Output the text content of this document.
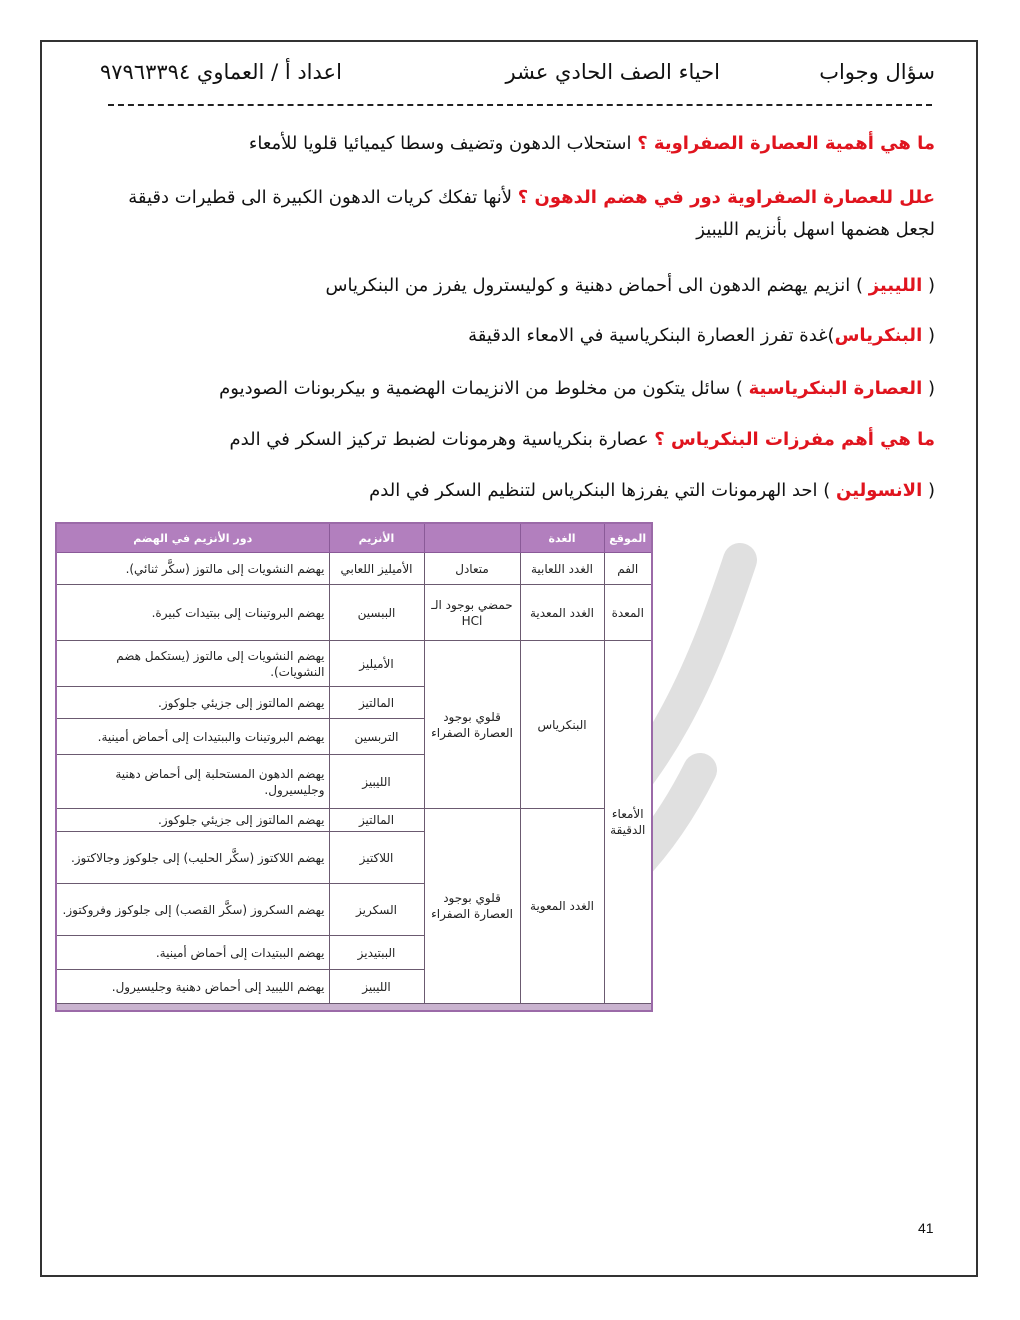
سؤال وجواب
احياء الصف الحادي عشر
اعداد أ / العماوي ٩٧٩٦٣٣٩٤
ما هي أهمية العصارة الصفراوية ؟ استحلاب الدهون وتضيف وسطا كيميائيا قلويا للأمعاء
علل للعصارة الصفراوية دور في هضم الدهون ؟ لأنها تفكك كريات الدهون الكبيرة الى قطيرات دقيقة لجعل هضمها اسهل بأنزيم الليبيز
( الليبيز ) انزيم يهضم الدهون الى أحماض دهنية و كوليسترول يفرز من البنكرياس
( البنكرياس)غدة تفرز العصارة البنكرياسية في الامعاء الدقيقة
( العصارة البنكرياسية ) سائل يتكون من مخلوط من الانزيمات الهضمية و بيكربونات الصوديوم
ما هي أهم مفرزات البنكرياس ؟ عصارة بنكرياسية وهرمونات لضبط تركيز السكر في الدم
( الانسولين ) احد الهرمونات التي يفرزها البنكرياس لتنظيم السكر في الدم
الموقع	الغدة		الأنزيم	دور الأنزيم في الهضم
الفم	الغدد اللعابية	متعادل	الأميليز اللعابي	يهضم النشويات إلى مالتوز (سكَّر ثنائي).
المعدة	الغدد المعدية	حمضي بوجود الـ HCl	الببسين	يهضم البروتينات إلى ببتيدات كبيرة.
الأمعاء الدقيقة	البنكرياس	قلوي بوجود العصارة الصفراء	الأميليز	يهضم النشويات إلى مالتوز (يستكمل هضم النشويات).
			المالتيز	يهضم المالتوز إلى جزيئي جلوكوز.
			التربسين	يهضم البروتينات والببتيدات إلى أحماض أمينية.
			الليبيز	يهضم الدهون المستحلبة إلى أحماض دهنية وجليسيرول.
	الغدد المعوية	قلوي بوجود العصارة الصفراء	المالتيز	يهضم المالتوز إلى جزيئي جلوكوز.
			اللاكتيز	يهضم اللاكتوز (سكَّر الحليب) إلى جلوكوز وجالاكتوز.
			السكريز	يهضم السكروز (سكَّر القصب) إلى جلوكوز وفروكتوز.
			الببتيديز	يهضم الببتيدات إلى أحماض أمينية.
			الليبيز	يهضم الليبيد إلى أحماض دهنية وجليسيرول.

41
